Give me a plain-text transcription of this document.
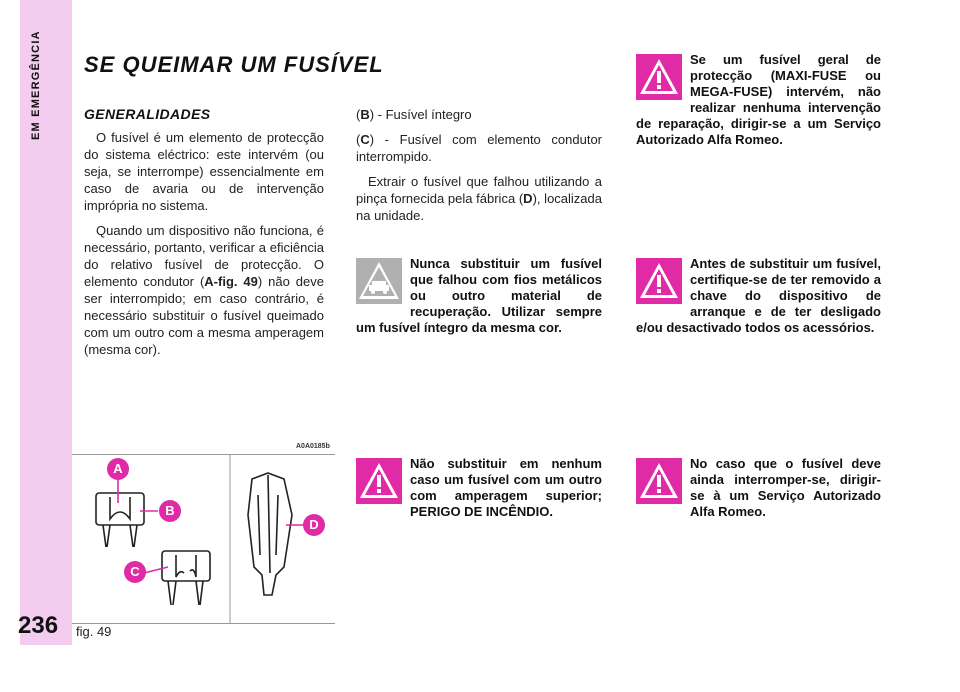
EM EMERGÊNCIA
236
SE QUEIMAR UM FUSÍVEL
GENERALIDADES

O fusível é um elemento de protecção do sistema eléctrico: este intervém (ou seja, se interrompe) essencialmente em caso de avaria ou de intervenção imprópria no sistema.

Quando um dispositivo não funciona, é necessário, portanto, verificar a eficiência do relativo fusível de protecção. O elemento condutor (A-fig. 49) não deve ser interrompido; em caso contrário, é necessário substituir o fusível queimado com um outro com a mesma amperagem (mesma cor).

(B) - Fusível íntegro

(C) - Fusível com elemento condutor interrompido.

Extrair o fusível que falhou utilizando a pinça fornecida pela fábrica (D), localizada na unidade.

Se um fusível geral de protecção (MAXI-FUSE ou MEGA-FUSE) intervém, não realizar nenhuma intervenção de reparação, dirigir-se a um Serviço Autorizado Alfa Romeo.
Nunca substituir um fusível que falhou com fios metálicos ou outro material de recuperação. Utilizar sempre um fusível íntegro da mesma cor.
Antes de substituir um fusível, certifique-se de ter removido a chave do dispositivo de arranque e de ter desligado e/ou desactivado todos os acessórios.
Não substituir em nenhum caso um fusível com um outro com amperagem superior; PERIGO DE INCÊNDIO.
No caso que o fusível deve ainda interromper-se, dirigir-se à um Serviço Autorizado Alfa Romeo.
A0A0185b
A
B
C
D
fig. 49
